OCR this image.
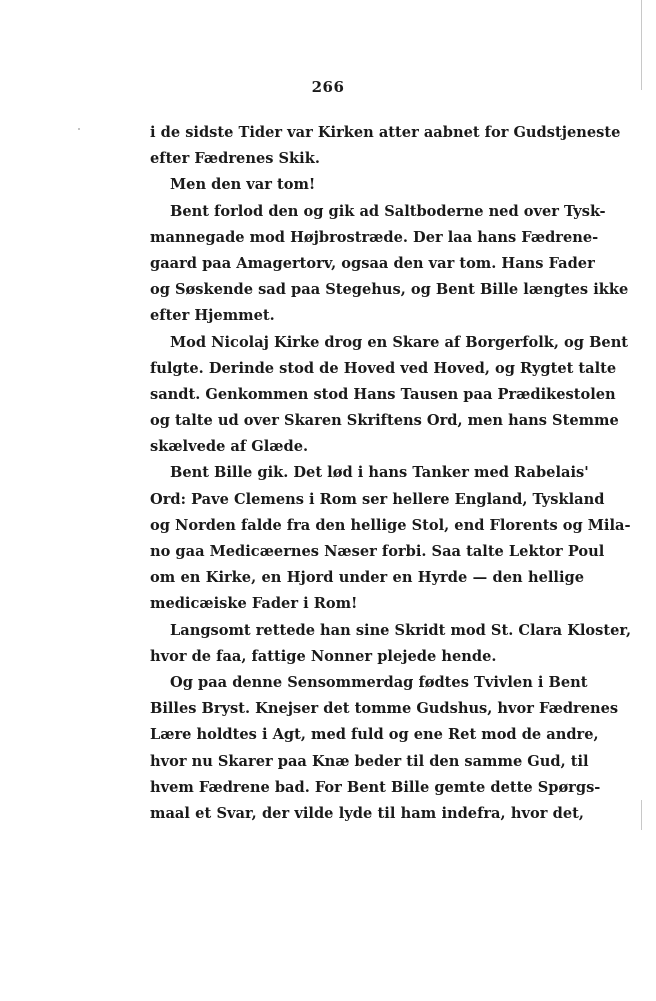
266
i de sidste Tider var Kirken atter aabnet for Gudstjeneste
efter Fædrenes Skik.
Men den var tom!
Bent forlod den og gik ad Saltboderne ned over Tysk-
mannegade mod Højbrostræde. Der laa hans Fædrene-
gaard paa Amagertorv, ogsaa den var tom. Hans Fader
og Søskende sad paa Stegehus, og Bent Bille længtes ikke
efter Hjemmet.
Mod Nicolaj Kirke drog en Skare af Borgerfolk, og Bent
fulgte. Derinde stod de Hoved ved Hoved, og Rygtet talte
sandt. Genkommen stod Hans Tausen paa Prædikestolen
og talte ud over Skaren Skriftens Ord, men hans Stemme
skælvede af Glæde.
Bent Bille gik. Det lød i hans Tanker med Rabelais'
Ord: Pave Clemens i Rom ser hellere England, Tyskland
og Norden falde fra den hellige Stol, end Florents og Mila-
no gaa Medicæernes Næser forbi. Saa talte Lektor Poul
om en Kirke, en Hjord under en Hyrde — den hellige
medicæiske Fader i Rom!
Langsomt rettede han sine Skridt mod St. Clara Kloster,
hvor de faa, fattige Nonner plejede hende.
Og paa denne Sensommerdag fødtes Tvivlen i Bent
Billes Bryst. Knejser det tomme Gudshus, hvor Fædrenes
Lære holdtes i Agt, med fuld og ene Ret mod de andre,
hvor nu Skarer paa Knæ beder til den samme Gud, til
hvem Fædrene bad. For Bent Bille gemte dette Spørgs-
maal et Svar, der vilde lyde til ham indefra, hvor det,
